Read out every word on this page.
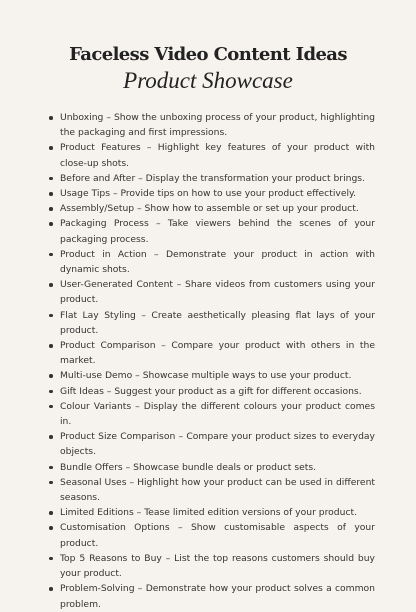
Faceless Video Content Ideas
Product Showcase
Unboxing – Show the unboxing process of your product, highlighting the packaging and first impressions.
Product Features – Highlight key features of your product with close-up shots.
Before and After – Display the transformation your product brings.
Usage Tips – Provide tips on how to use your product effectively.
Assembly/Setup – Show how to assemble or set up your product.
Packaging Process – Take viewers behind the scenes of your packaging process.
Product in Action – Demonstrate your product in action with dynamic shots.
User-Generated Content – Share videos from customers using your product.
Flat Lay Styling – Create aesthetically pleasing flat lays of your product.
Product Comparison – Compare your product with others in the market.
Multi-use Demo – Showcase multiple ways to use your product.
Gift Ideas – Suggest your product as a gift for different occasions.
Colour Variants – Display the different colours your product comes in.
Product Size Comparison – Compare your product sizes to everyday objects.
Bundle Offers – Showcase bundle deals or product sets.
Seasonal Uses – Highlight how your product can be used in different seasons.
Limited Editions – Tease limited edition versions of your product.
Customisation Options – Show customisable aspects of your product.
Top 5 Reasons to Buy – List the top reasons customers should buy your product.
Problem-Solving – Demonstrate how your product solves a common problem.
